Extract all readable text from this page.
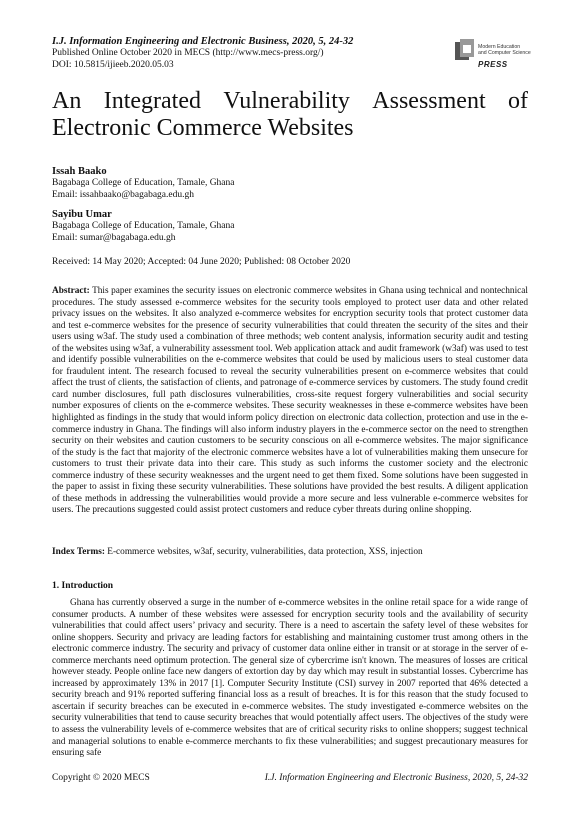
I.J. Information Engineering and Electronic Business, 2020, 5, 24-32
Published Online October 2020 in MECS (http://www.mecs-press.org/)
DOI: 10.5815/ijieeb.2020.05.03
Modern Education
and Computer Science
PRESS
An Integrated Vulnerability Assessment of
Electronic Commerce Websites
Issah Baako
Bagabaga College of Education, Tamale, Ghana
Email: issahbaako@bagabaga.edu.gh
Sayibu Umar
Bagabaga College of Education, Tamale, Ghana
Email: sumar@bagabaga.edu.gh
Received: 14 May 2020; Accepted: 04 June 2020; Published: 08 October 2020
Abstract: This paper examines the security issues on electronic commerce websites in Ghana using technical and nontechnical procedures. The study assessed e-commerce websites for the security tools employed to protect user data and other related privacy issues on the websites. It also analyzed e-commerce websites for encryption security tools that protect customer data and test e-commerce websites for the presence of security vulnerabilities that could threaten the security of the sites and their users using w3af. The study used a combination of three methods; web content analysis, information security audit and testing of the websites using w3af, a vulnerability assessment tool. Web application attack and audit framework (w3af) was used to test and identify possible vulnerabilities on the e-commerce websites that could be used by malicious users to steal customer data for fraudulent intent. The research focused to reveal the security vulnerabilities present on e-commerce websites that could affect the trust of clients, the satisfaction of clients, and patronage of e-commerce services by customers. The study found credit card number disclosures, full path disclosures vulnerabilities, cross-site request forgery vulnerabilities and social security number exposures of clients on the e-commerce websites. These security weaknesses in these e-commerce websites have been highlighted as findings in the study that would inform policy direction on electronic data collection, protection and use in the e-commerce industry in Ghana. The findings will also inform industry players in the e-commerce sector on the need to strengthen security on their websites and caution customers to be security conscious on all e-commerce websites. The major significance of the study is the fact that majority of the electronic commerce websites have a lot of vulnerabilities making them unsecure for customers to trust their private data into their care. This study as such informs the customer society and the electronic commerce industry of these security weaknesses and the urgent need to get them fixed. Some solutions have been suggested in the paper to assist in fixing these security vulnerabilities. These solutions have provided the best results. A diligent application of these methods in addressing the vulnerabilities would provide a more secure and less vulnerable e-commerce websites for users. The precautions suggested could assist protect customers and reduce cyber threats during online shopping.
Index Terms: E-commerce websites, w3af, security, vulnerabilities, data protection, XSS, injection
1. Introduction
Ghana has currently observed a surge in the number of e-commerce websites in the online retail space for a wide range of consumer products. A number of these websites were assessed for encryption security tools and the availability of security vulnerabilities that could affect users’ privacy and security. There is a need to ascertain the safety level of these websites for online shoppers. Security and privacy are leading factors for establishing and maintaining customer trust among others in the electronic commerce industry. The security and privacy of customer data online either in transit or at storage in the server of e-commerce merchants need optimum protection. The general size of cybercrime isn't known. The measures of losses are critical however steady. People online face new dangers of extortion day by day which may result in substantial losses. Cybercrime has increased by approximately 13% in 2017 [1]. Computer Security Institute (CSI) survey in 2007 reported that 46% detected a security breach and 91% reported suffering financial loss as a result of breaches. It is for this reason that the study focused to ascertain if security breaches can be executed in e-commerce websites. The study investigated e-commerce websites on the security vulnerabilities that tend to cause security breaches that would potentially affect users. The objectives of the study were to assess the vulnerability levels of e-commerce websites that are of critical security risks to online shoppers; suggest technical and managerial solutions to enable e-commerce merchants to fix these vulnerabilities; and suggest precautionary measures for ensuring safe
Copyright © 2020 MECS	I.J. Information Engineering and Electronic Business, 2020, 5, 24-32
